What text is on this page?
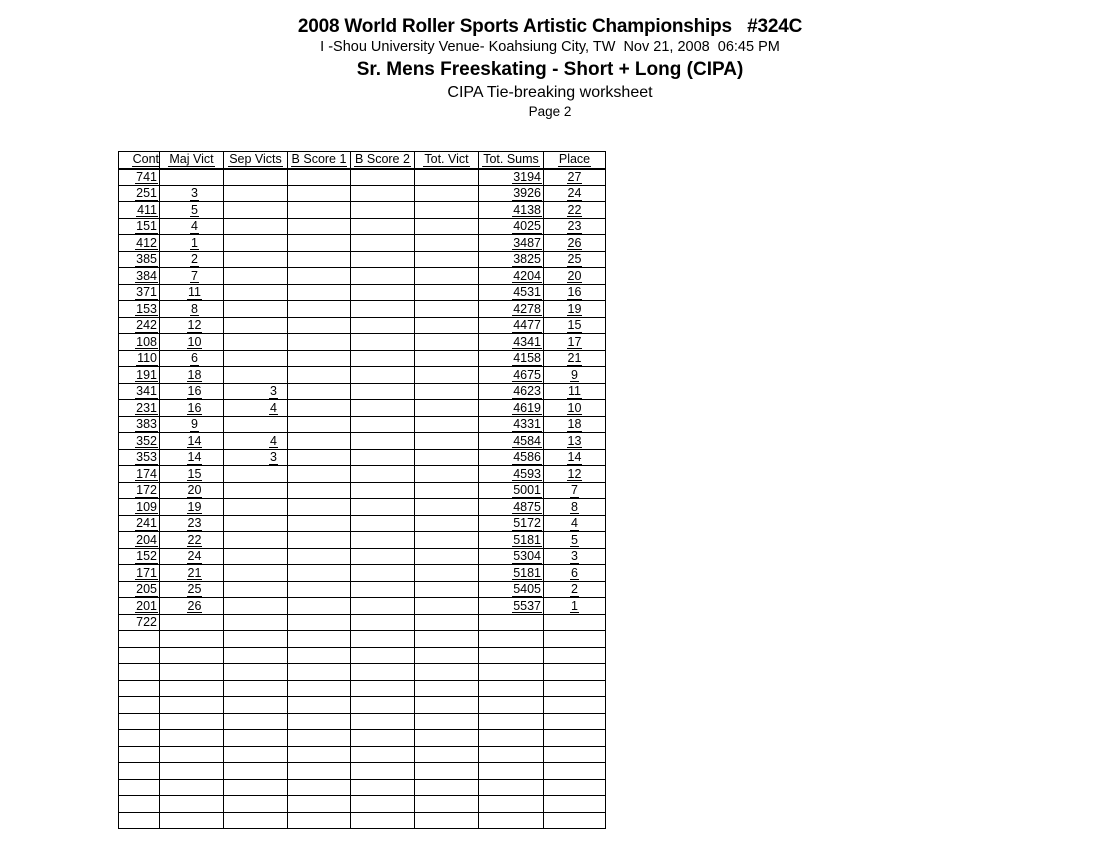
2008 World Roller Sports Artistic Championships   #324C
I -Shou University Venue- Koahsiung City, TW  Nov 21, 2008  06:45 PM
Sr. Mens Freeskating - Short + Long (CIPA)
CIPA Tie-breaking worksheet
Page 2
Cont	Maj Vict	Sep Victs	B Score 1	B Score 2	Tot. Vict	Tot. Sums	Place
741						3194	27
251	3					3926	24
411	5					4138	22
151	4					4025	23
412	1					3487	26
385	2					3825	25
384	7					4204	20
371	11					4531	16
153	8					4278	19
242	12					4477	15
108	10					4341	17
110	6					4158	21
191	18					4675	9
341	16	3				4623	11
231	16	4				4619	10
383	9					4331	18
352	14	4				4584	13
353	14	3				4586	14
174	15					4593	12
172	20					5001	7
109	19					4875	8
241	23					5172	4
204	22					5181	5
152	24					5304	3
171	21					5181	6
205	25					5405	2
201	26					5537	1
722							
